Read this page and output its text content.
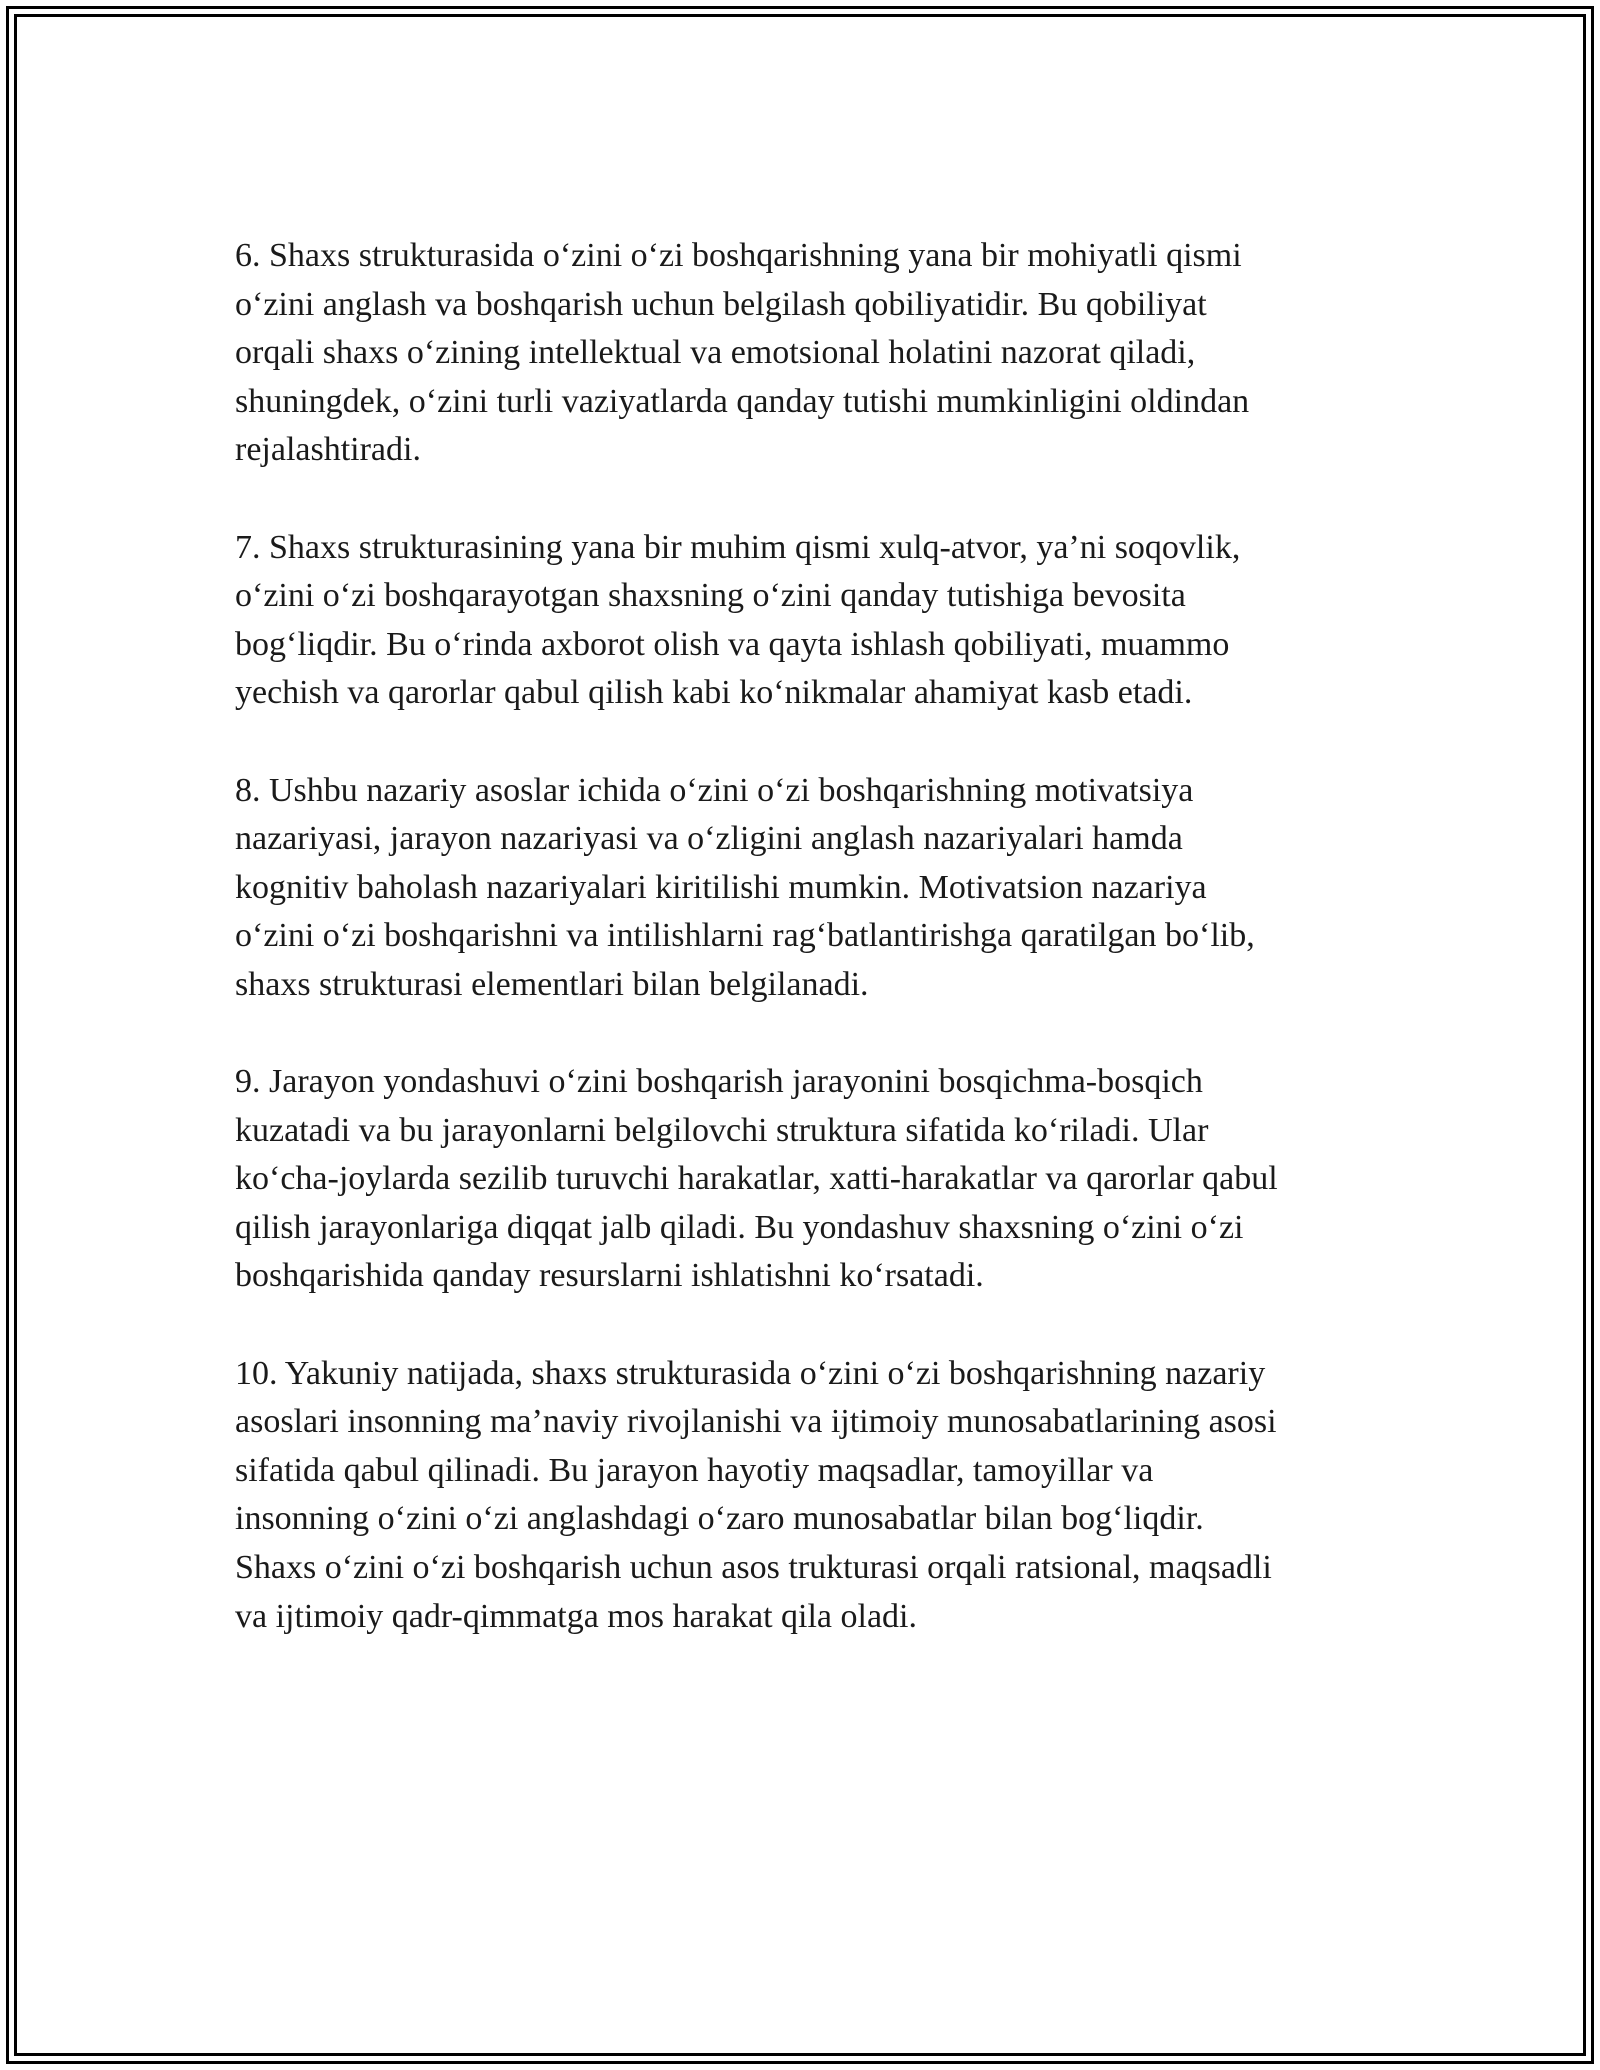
6. Shaxs strukturasida o‘zini o‘zi boshqarishning yana bir mohiyatli qismi
o‘zini anglash va boshqarish uchun belgilash qobiliyatidir. Bu qobiliyat
orqali shaxs o‘zining intellektual va emotsional holatini nazorat qiladi,
shuningdek, o‘zini turli vaziyatlarda qanday tutishi mumkinligini oldindan
rejalashtiradi.

7. Shaxs strukturasining yana bir muhim qismi xulq-atvor, ya’ni soqovlik,
o‘zini o‘zi boshqarayotgan shaxsning o‘zini qanday tutishiga bevosita
bog‘liqdir. Bu o‘rinda axborot olish va qayta ishlash qobiliyati, muammo
yechish va qarorlar qabul qilish kabi ko‘nikmalar ahamiyat kasb etadi.

8. Ushbu nazariy asoslar ichida o‘zini o‘zi boshqarishning motivatsiya
nazariyasi, jarayon nazariyasi va o‘zligini anglash nazariyalari hamda
kognitiv baholash nazariyalari kiritilishi mumkin. Motivatsion nazariya
o‘zini o‘zi boshqarishni va intilishlarni rag‘batlantirishga qaratilgan bo‘lib,
shaxs strukturasi elementlari bilan belgilanadi.

9. Jarayon yondashuvi o‘zini boshqarish jarayonini bosqichma-bosqich
kuzatadi va bu jarayonlarni belgilovchi struktura sifatida ko‘riladi. Ular
ko‘cha-joylarda sezilib turuvchi harakatlar, xatti-harakatlar va qarorlar qabul
qilish jarayonlariga diqqat jalb qiladi. Bu yondashuv shaxsning o‘zini o‘zi
boshqarishida qanday resurslarni ishlatishni ko‘rsatadi.

10. Yakuniy natijada, shaxs strukturasida o‘zini o‘zi boshqarishning nazariy
asoslari insonning ma’naviy rivojlanishi va ijtimoiy munosabatlarining asosi
sifatida qabul qilinadi. Bu jarayon hayotiy maqsadlar, tamoyillar va
insonning o‘zini o‘zi anglashdagi o‘zaro munosabatlar bilan bog‘liqdir.
Shaxs o‘zini o‘zi boshqarish uchun asos trukturasi orqali ratsional, maqsadli
va ijtimoiy qadr-qimmatga mos harakat qila oladi.
